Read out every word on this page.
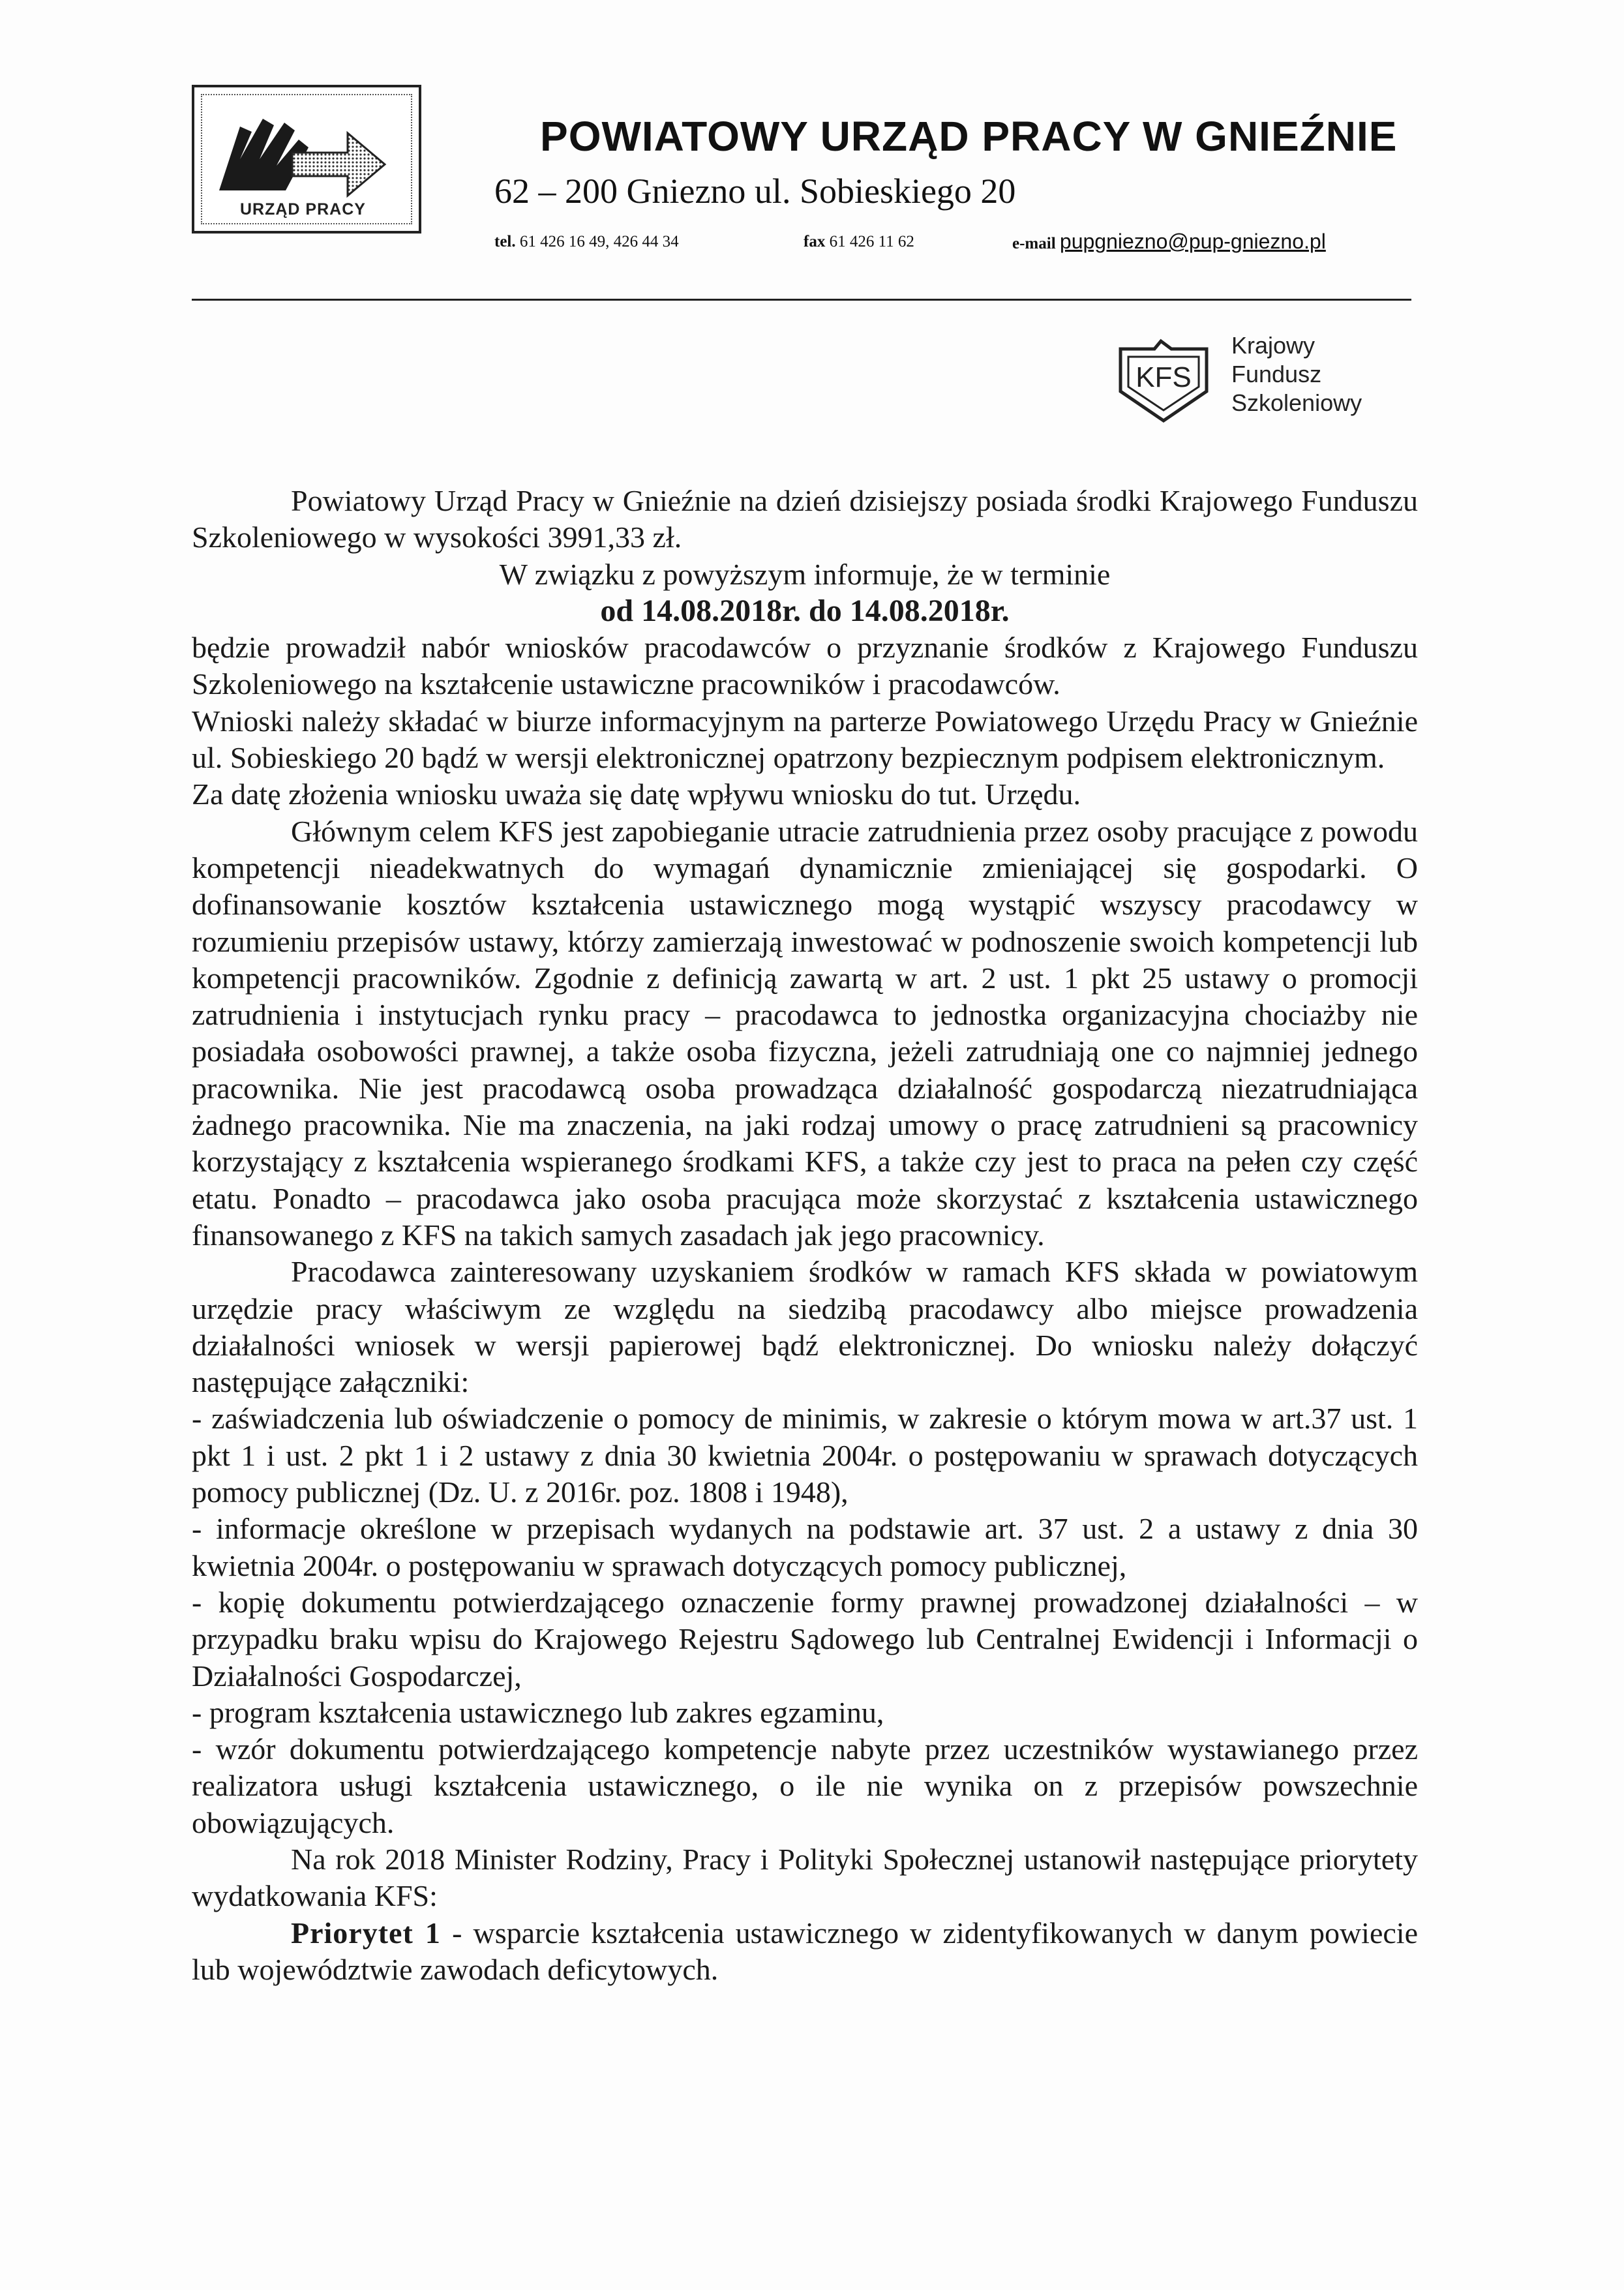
URZĄD PRACY
POWIATOWY URZĄD PRACY W GNIEŹNIE
62 – 200 Gniezno ul. Sobieskiego 20
tel. 61 426 16 49, 426 44 34	fax 61 426 11 62	e-mail pupgniezno@pup-gniezno.pl
KFS
Krajowy
Fundusz
Szkoleniowy

Powiatowy Urząd Pracy w Gnieźnie na dzień dzisiejszy posiada środki Krajowego Funduszu Szkoleniowego w wysokości 3991,33 zł.

W związku z powyższym informuje, że w terminie

od 14.08.2018r. do 14.08.2018r.

będzie prowadził nabór wniosków pracodawców o przyznanie środków z Krajowego Funduszu Szkoleniowego na kształcenie ustawiczne pracowników i pracodawców.

Wnioski należy składać w biurze informacyjnym na parterze Powiatowego Urzędu Pracy w Gnieźnie ul. Sobieskiego 20 bądź w wersji elektronicznej opatrzony bezpiecznym podpisem elektronicznym.

Za datę złożenia wniosku uważa się datę wpływu wniosku do tut. Urzędu.

Głównym celem KFS jest zapobieganie utracie zatrudnienia przez osoby pracujące z powodu kompetencji nieadekwatnych do wymagań dynamicznie zmieniającej się gospodarki. O dofinansowanie kosztów kształcenia ustawicznego mogą wystąpić wszyscy pracodawcy w rozumieniu przepisów ustawy, którzy zamierzają inwestować w podnoszenie swoich kompetencji lub kompetencji pracowników. Zgodnie z definicją zawartą w art. 2 ust. 1 pkt 25 ustawy o promocji zatrudnienia i instytucjach rynku pracy – pracodawca to jednostka organizacyjna chociażby nie posiadała osobowości prawnej, a także osoba fizyczna, jeżeli zatrudniają one co najmniej jednego pracownika. Nie jest pracodawcą osoba prowadząca działalność gospodarczą niezatrudniająca żadnego pracownika. Nie ma znaczenia, na jaki rodzaj umowy o pracę zatrudnieni są pracownicy korzystający z kształcenia wspieranego środkami KFS, a także czy jest to praca na pełen czy część etatu. Ponadto – pracodawca jako osoba pracująca może skorzystać z kształcenia ustawicznego finansowanego z KFS na takich samych zasadach jak jego pracownicy.

Pracodawca zainteresowany uzyskaniem środków w ramach KFS składa w powiatowym urzędzie pracy właściwym ze względu na siedzibą pracodawcy albo miejsce prowadzenia działalności wniosek w wersji papierowej bądź elektronicznej. Do wniosku należy dołączyć następujące załączniki:

- zaświadczenia lub oświadczenie o pomocy de minimis, w zakresie o którym mowa w art.37 ust. 1 pkt 1 i ust. 2 pkt 1 i 2 ustawy z dnia 30 kwietnia 2004r. o postępowaniu w sprawach dotyczących pomocy publicznej (Dz. U. z 2016r. poz. 1808 i 1948),

- informacje określone w przepisach wydanych na podstawie art. 37 ust. 2 a ustawy z dnia 30 kwietnia 2004r. o postępowaniu w sprawach dotyczących pomocy publicznej,

- kopię dokumentu potwierdzającego oznaczenie formy prawnej prowadzonej działalności – w przypadku braku wpisu do Krajowego Rejestru Sądowego lub Centralnej Ewidencji i Informacji o Działalności Gospodarczej,

- program kształcenia ustawicznego lub zakres egzaminu,

- wzór dokumentu potwierdzającego kompetencje nabyte przez uczestników wystawianego przez realizatora usługi kształcenia ustawicznego, o ile nie wynika on z przepisów powszechnie obowiązujących.

Na rok 2018 Minister Rodziny, Pracy i Polityki Społecznej ustanowił następujące priorytety wydatkowania KFS:

Priorytet 1 - wsparcie kształcenia ustawicznego w zidentyfikowanych w danym powiecie lub województwie zawodach deficytowych.
